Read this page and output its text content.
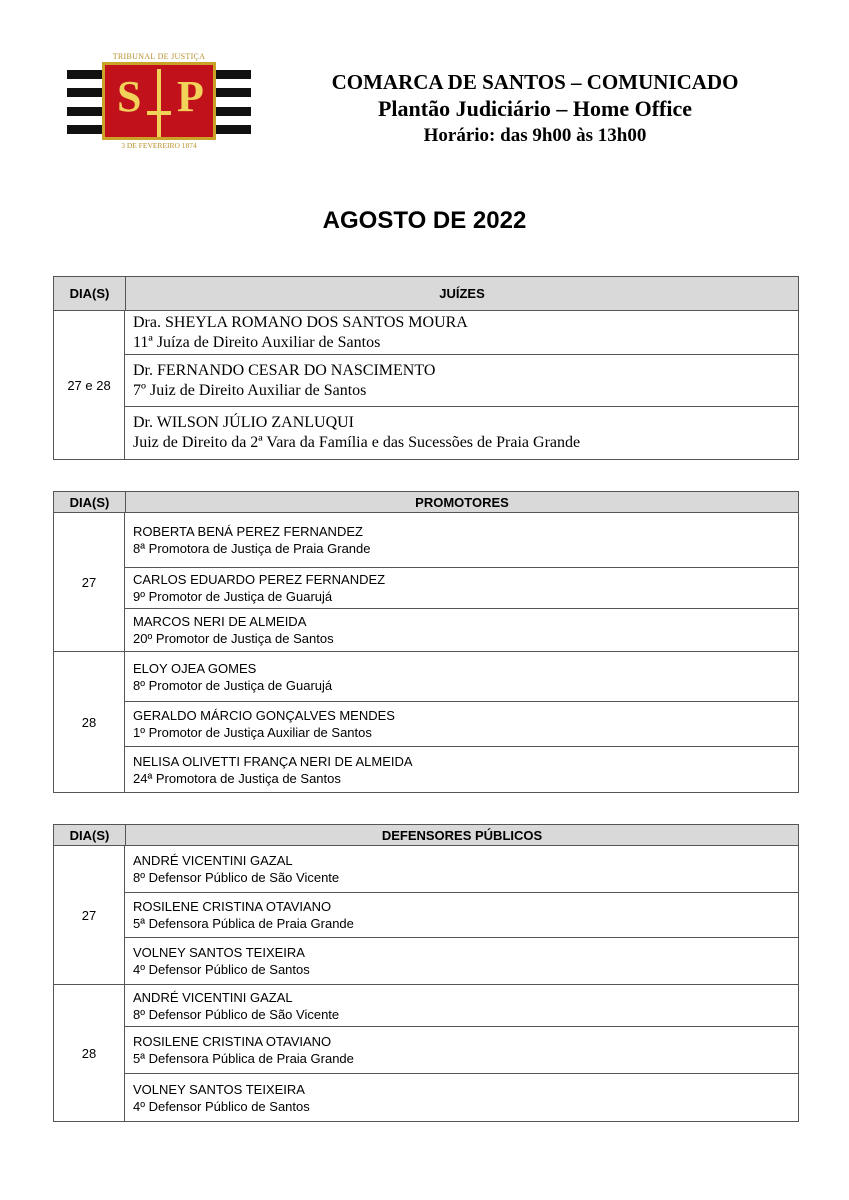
S P
TRIBUNAL DE JUSTIÇA
3 DE FEVEREIRO 1874
COMARCA DE SANTOS – COMUNICADO
Plantão Judiciário – Home Office
Horário: das 9h00 às 13h00
AGOSTO DE 2022
DIA(S)	JUÍZES
27 e 28
Dra. SHEYLA ROMANO DOS SANTOS MOURA
11ª Juíza de Direito Auxiliar de Santos
Dr. FERNANDO CESAR DO NASCIMENTO
7º Juiz de Direito Auxiliar de Santos
Dr. WILSON JÚLIO ZANLUQUI
Juiz de Direito da 2ª Vara da Família e das Sucessões de Praia Grande
DIA(S)	PROMOTORES
27
ROBERTA BENÁ PEREZ FERNANDEZ
8ª Promotora de Justiça de Praia Grande
CARLOS EDUARDO PEREZ FERNANDEZ
9º Promotor de Justiça de Guarujá
MARCOS NERI DE ALMEIDA
20º Promotor de Justiça de Santos
28
ELOY OJEA GOMES
8º Promotor de Justiça de Guarujá
GERALDO MÁRCIO GONÇALVES MENDES
1º Promotor de Justiça Auxiliar de Santos
NELISA OLIVETTI FRANÇA NERI DE ALMEIDA
24ª Promotora de Justiça de Santos
DIA(S)	DEFENSORES PÚBLICOS
27
ANDRÉ VICENTINI GAZAL
8º Defensor Público de São Vicente
ROSILENE CRISTINA OTAVIANO
5ª Defensora Pública de Praia Grande
VOLNEY SANTOS TEIXEIRA
4º Defensor Público de Santos
28
ANDRÉ VICENTINI GAZAL
8º Defensor Público de São Vicente
ROSILENE CRISTINA OTAVIANO
5ª Defensora Pública de Praia Grande
VOLNEY SANTOS TEIXEIRA
4º Defensor Público de Santos
